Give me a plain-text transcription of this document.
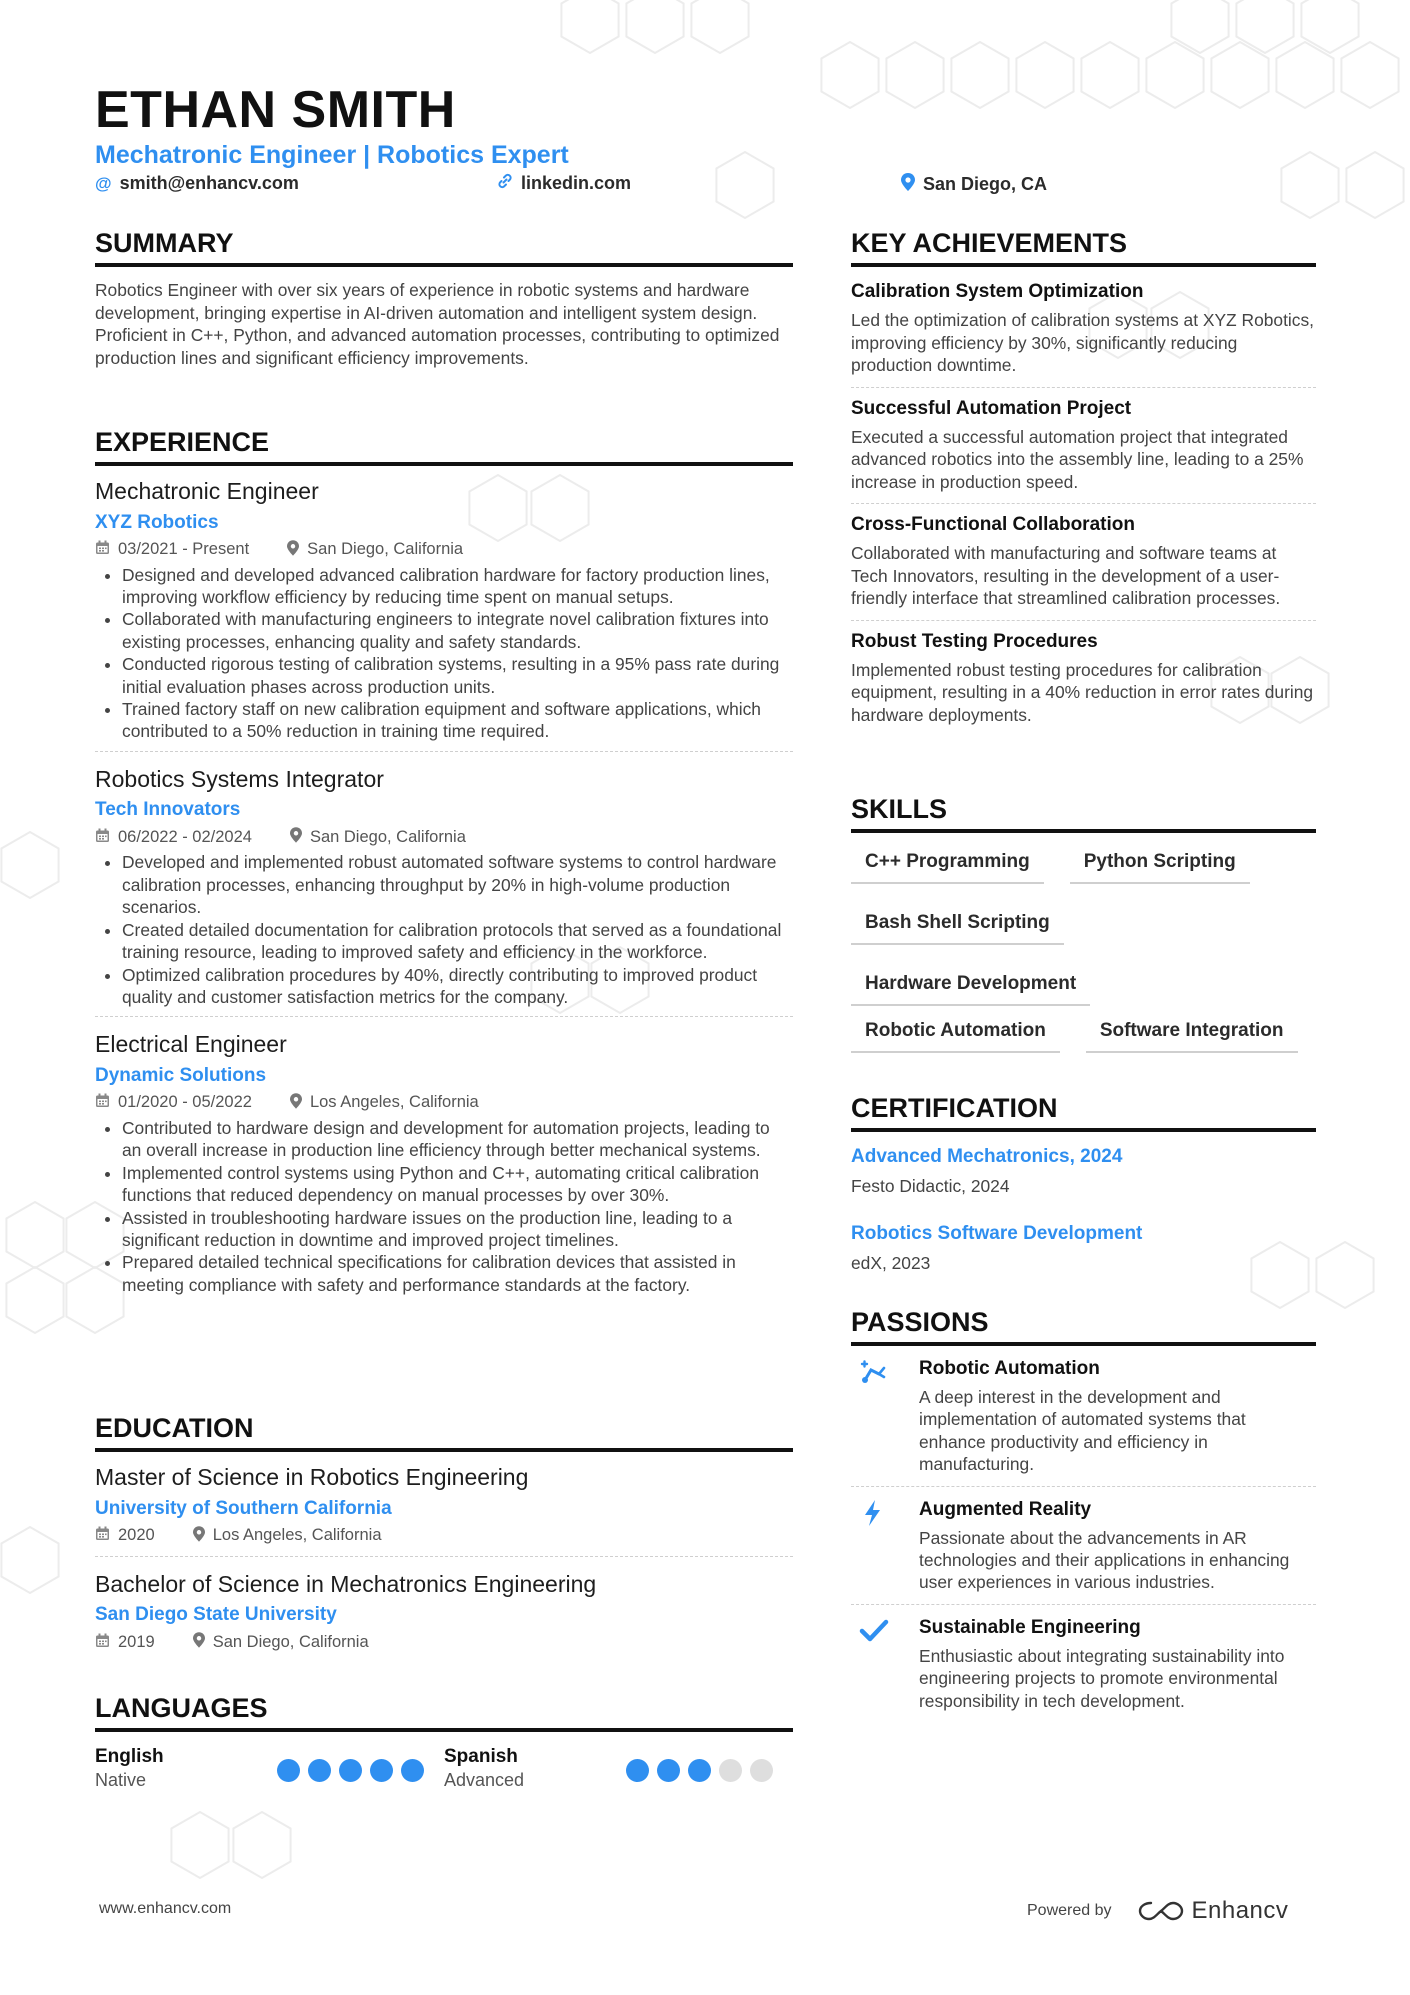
ETHAN SMITH
Mechatronic Engineer | Robotics Expert
@ smith@enhancv.com	linkedin.com	San Diego, CA
SUMMARY

Robotics Engineer with over six years of experience in robotic systems and hardware development, bringing expertise in AI-driven automation and intelligent system design. Proficient in C++, Python, and advanced automation processes, contributing to optimized production lines and significant efficiency improvements.

EXPERIENCE
Mechatronic Engineer
XYZ Robotics
03/2021 - Present	San Diego, California
• Designed and developed advanced calibration hardware for factory production lines, improving workflow efficiency by reducing time spent on manual setups.
• Collaborated with manufacturing engineers to integrate novel calibration fixtures into existing processes, enhancing quality and safety standards.
• Conducted rigorous testing of calibration systems, resulting in a 95% pass rate during initial evaluation phases across production units.
• Trained factory staff on new calibration equipment and software applications, which contributed to a 50% reduction in training time required.
Robotics Systems Integrator
Tech Innovators
06/2022 - 02/2024	San Diego, California
• Developed and implemented robust automated software systems to control hardware calibration processes, enhancing throughput by 20% in high-volume production scenarios.
• Created detailed documentation for calibration protocols that served as a foundational training resource, leading to improved safety and efficiency in the workforce.
• Optimized calibration procedures by 40%, directly contributing to improved product quality and customer satisfaction metrics for the company.
Electrical Engineer
Dynamic Solutions
01/2020 - 05/2022	Los Angeles, California
• Contributed to hardware design and development for automation projects, leading to an overall increase in production line efficiency through better mechanical systems.
• Implemented control systems using Python and C++, automating critical calibration functions that reduced dependency on manual processes by over 30%.
• Assisted in troubleshooting hardware issues on the production line, leading to a significant reduction in downtime and improved project timelines.
• Prepared detailed technical specifications for calibration devices that assisted in meeting compliance with safety and performance standards at the factory.
EDUCATION
Master of Science in Robotics Engineering
University of Southern California
2020	Los Angeles, California
Bachelor of Science in Mechatronics Engineering
San Diego State University
2019	San Diego, California
LANGUAGES
English
Native
Spanish
Advanced
KEY ACHIEVEMENTS
Calibration System Optimization
Led the optimization of calibration systems at XYZ Robotics, improving efficiency by 30%, significantly reducing production downtime.
Successful Automation Project
Executed a successful automation project that integrated advanced robotics into the assembly line, leading to a 25% increase in production speed.
Cross-Functional Collaboration
Collaborated with manufacturing and software teams at Tech Innovators, resulting in the development of a user-friendly interface that streamlined calibration processes.
Robust Testing Procedures
Implemented robust testing procedures for calibration equipment, resulting in a 40% reduction in error rates during hardware deployments.
SKILLS
C++ Programming	Python Scripting
Bash Shell Scripting
Hardware Development
Robotic Automation	Software Integration
CERTIFICATION
Advanced Mechatronics, 2024
Festo Didactic, 2024
Robotics Software Development
edX, 2023
PASSIONS
Robotic Automation
A deep interest in the development and implementation of automated systems that enhance productivity and efficiency in manufacturing.
Augmented Reality
Passionate about the advancements in AR technologies and their applications in enhancing user experiences in various industries.
Sustainable Engineering
Enthusiastic about integrating sustainability into engineering projects to promote environmental responsibility in tech development.
www.enhancv.com	Powered by	Enhancv
